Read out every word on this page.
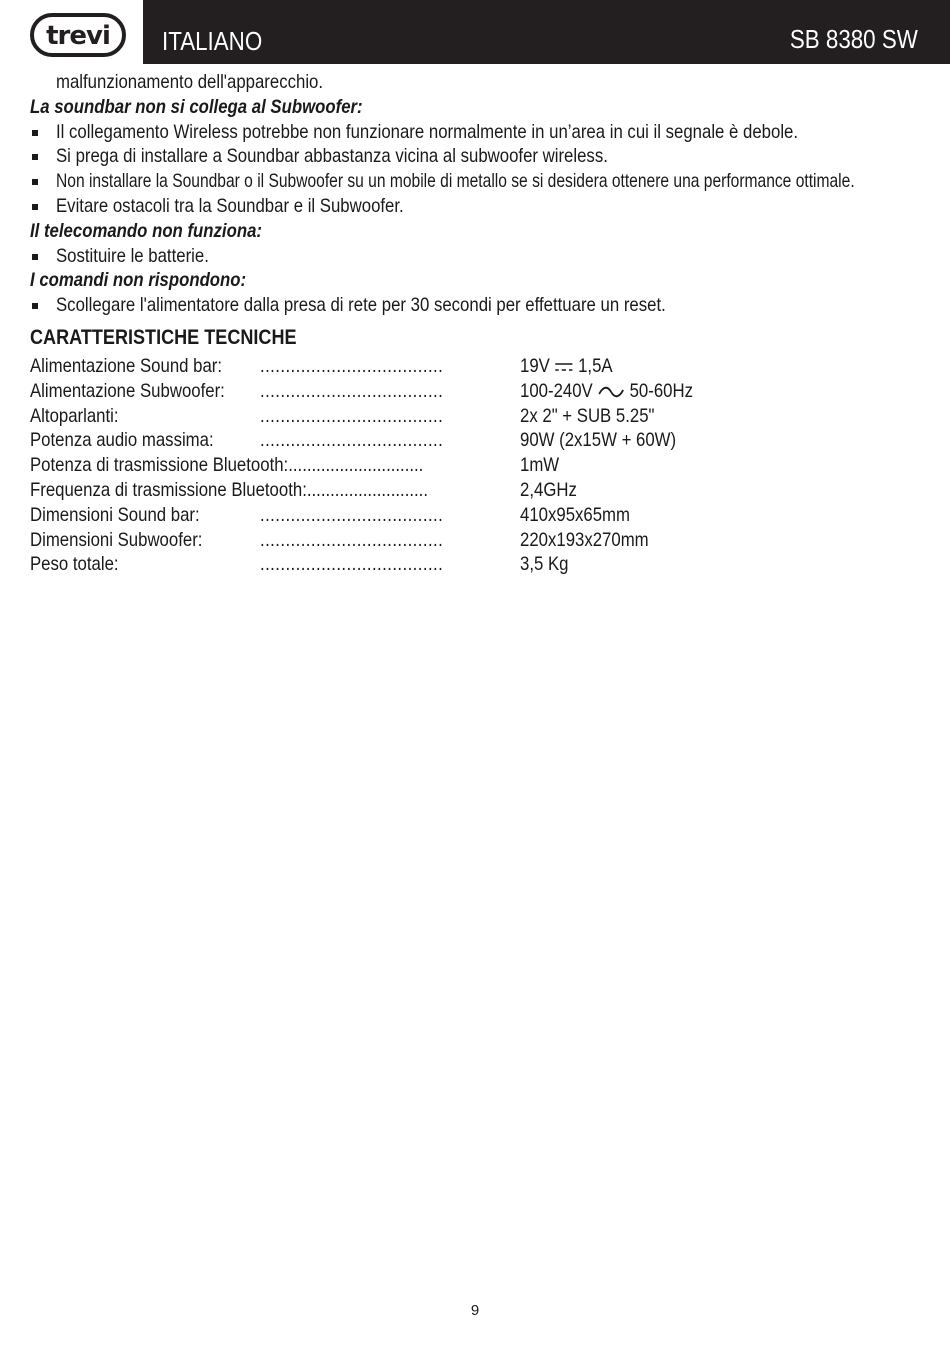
trevi ITALIANO	SB 8380 SW
malfunzionamento dell'apparecchio.
La soundbar non si collega al Subwoofer:
Il collegamento Wireless potrebbe non funzionare normalmente in un’area in cui il segnale è debole.
Si prega di installare a Soundbar abbastanza vicina al subwoofer wireless.
Non installare la Soundbar o il Subwoofer su un mobile di metallo se si desidera ottenere una performance ottimale.
Evitare ostacoli tra la Soundbar e il Subwoofer.
Il telecomando non funziona:
Sostituire le batterie.
I comandi non rispondono:
Scollegare l'alimentatore dalla presa di rete per 30 secondi per effettuare un reset.
CARATTERISTICHE TECNICHE
Alimentazione Sound bar: ....................................	19V 1,5A
Alimentazione Subwoofer: ....................................	100-240V 50-60Hz
Altoparlanti:	....................................	2x 2" + SUB 5.25"
Potenza audio massima: ....................................	90W (2x15W + 60W)
Potenza di trasmissione Bluetooth:.............................	1mW
Frequenza di trasmissione Bluetooth:..........................	2,4GHz
Dimensioni Sound bar:	....................................	410x95x65mm
Dimensioni Subwoofer:	....................................	220x193x270mm
Peso totale:	....................................	3,5 Kg
9
